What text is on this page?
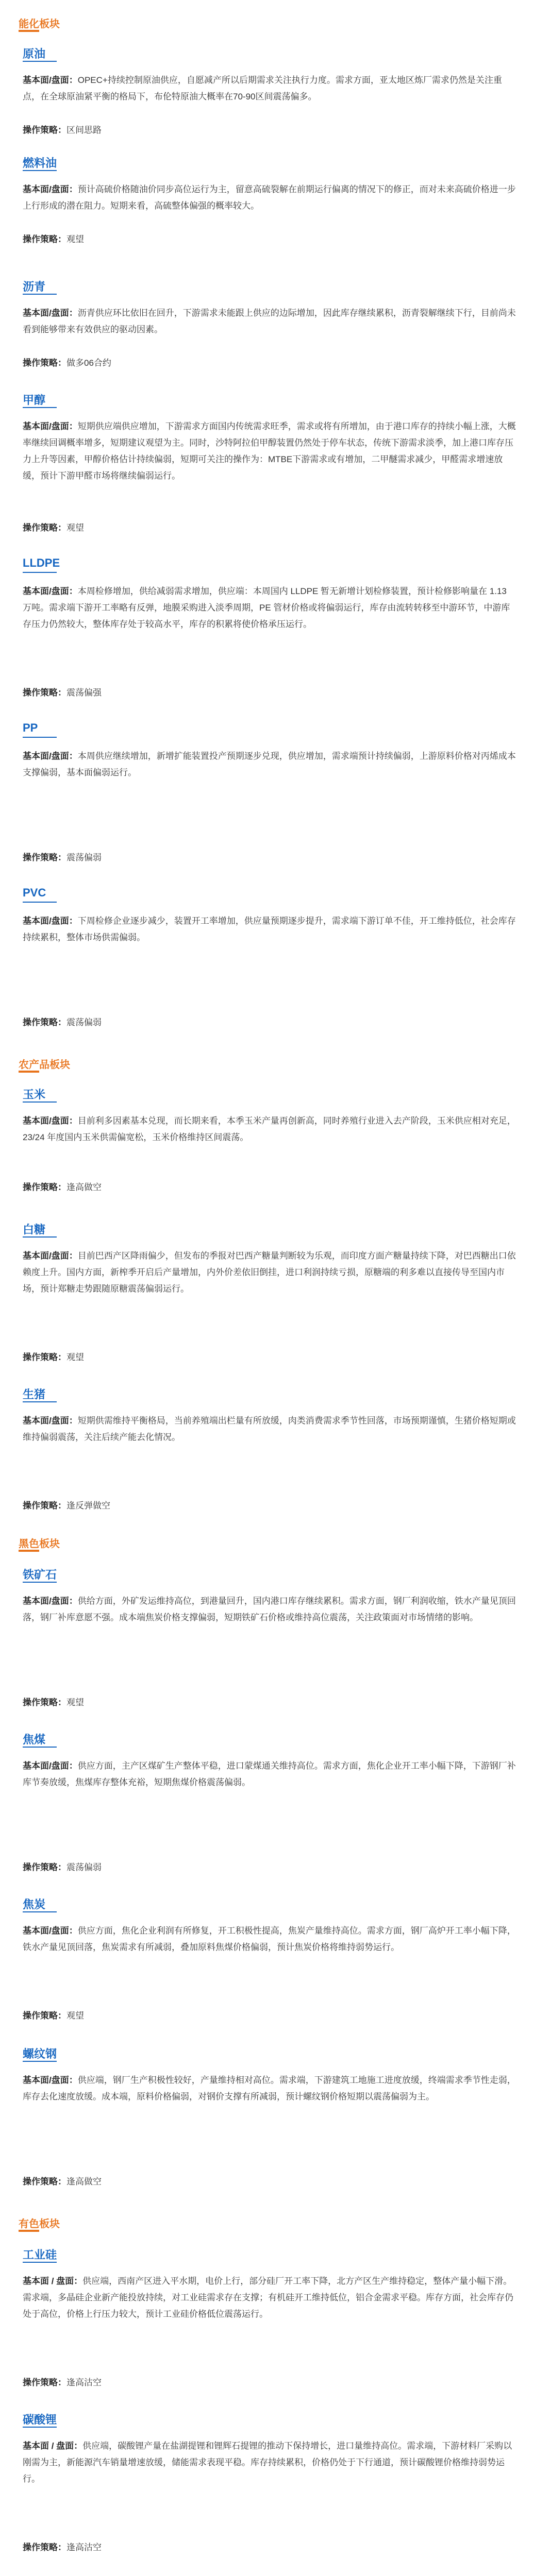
能化板块
原油

基本面/盘面：OPEC+持续控制原油供应，自愿减产所以后期需求关注执行力度。需求方面，亚太地区炼厂需求仍然是关注重点，在全球原油紧平衡的格局下，布伦特原油大概率在70-90区间震荡偏多。

操作策略：区间思路
燃料油

基本面/盘面：预计高硫价格随油价同步高位运行为主，留意高硫裂解在前期运行偏离的情况下的修正，而对未来高硫价格进一步上行形成的潜在阻力。短期来看，高硫整体偏强的概率较大。

操作策略：观望
沥青

基本面/盘面：沥青供应环比依旧在回升，下游需求未能跟上供应的边际增加，因此库存继续累积，沥青裂解继续下行，目前尚未看到能够带来有效供应的驱动因素。

操作策略：做多06合约
甲醇

基本面/盘面：短期供应端供应增加，下游需求方面国内传统需求旺季，需求或将有所增加，由于港口库存的持续小幅上涨，大概率继续回调概率增多，短期建议观望为主。同时，沙特阿拉伯甲醇装置仍然处于停车状态，传统下游需求淡季，加上港口库存压力上升等因素，甲醇价格估计持续偏弱，短期可关注的操作为：MTBE下游需求或有增加，二甲醚需求减少，甲醛需求增速放缓，预计下游甲醛市场将继续偏弱运行。

操作策略：观望
LLDPE

基本面/盘面：本周检修增加，供给减弱需求增加，供应端：本周国内 LLDPE 暂无新增计划检修装置，预计检修影响量在 1.13 万吨。需求端下游开工率略有反弹，地膜采购进入淡季周期，PE 管材价格或将偏弱运行，库存由流转转移至中游环节，中游库存压力仍然较大，整体库存处于较高水平，库存的积累将使价格承压运行。

操作策略：震荡偏强
PP

基本面/盘面：本周供应继续增加，新增扩能装置投产预期逐步兑现，供应增加，需求端预计持续偏弱，上游原料价格对丙烯成本支撑偏弱，基本面偏弱运行。

操作策略：震荡偏弱
PVC

基本面/盘面：下周检修企业逐步减少，装置开工率增加，供应量预期逐步提升，需求端下游订单不佳，开工维持低位，社会库存持续累积，整体市场供需偏弱。

操作策略：震荡偏弱
农产品板块
玉米

基本面/盘面：目前利多因素基本兑现，而长期来看，本季玉米产量再创新高，同时养殖行业进入去产阶段，玉米供应相对充足，23/24 年度国内玉米供需偏宽松，玉米价格维持区间震荡。

操作策略：逢高做空
白糖

基本面/盘面：目前巴西产区降雨偏少，但发布的季报对巴西产糖量判断较为乐观，而印度方面产糖量持续下降，对巴西糖出口依赖度上升。国内方面，新榨季开启后产量增加，内外价差依旧倒挂，进口利润持续亏损，原糖端的利多难以直接传导至国内市场，预计郑糖走势跟随原糖震荡偏弱运行。

操作策略：观望
生猪

基本面/盘面：短期供需维持平衡格局，当前养殖端出栏量有所放缓，肉类消费需求季节性回落，市场预期谨慎，生猪价格短期或维持偏弱震荡，关注后续产能去化情况。

操作策略：逢反弹做空
黑色板块
铁矿石

基本面/盘面：供给方面，外矿发运维持高位，到港量回升，国内港口库存继续累积。需求方面，钢厂利润收缩，铁水产量见顶回落，钢厂补库意愿不强。成本端焦炭价格支撑偏弱，短期铁矿石价格或维持高位震荡，关注政策面对市场情绪的影响。

操作策略：观望
焦煤

基本面/盘面：供应方面，主产区煤矿生产整体平稳，进口蒙煤通关维持高位。需求方面，焦化企业开工率小幅下降，下游钢厂补库节奏放缓，焦煤库存整体充裕，短期焦煤价格震荡偏弱。

操作策略：震荡偏弱
焦炭

基本面/盘面：供应方面，焦化企业利润有所修复，开工积极性提高，焦炭产量维持高位。需求方面，钢厂高炉开工率小幅下降，铁水产量见顶回落，焦炭需求有所减弱，叠加原料焦煤价格偏弱，预计焦炭价格将维持弱势运行。

操作策略：观望
螺纹钢

基本面/盘面：供应端，钢厂生产积极性较好，产量维持相对高位。需求端，下游建筑工地施工进度放缓，终端需求季节性走弱，库存去化速度放缓。成本端，原料价格偏弱，对钢价支撑有所减弱，预计螺纹钢价格短期以震荡偏弱为主。

操作策略：逢高做空
有色板块
工业硅

基本面 / 盘面：供应端，西南产区进入平水期，电价上行，部分硅厂开工率下降，北方产区生产维持稳定，整体产量小幅下滑。需求端，多晶硅企业新产能投放持续，对工业硅需求存在支撑；有机硅开工维持低位，铝合金需求平稳。库存方面，社会库存仍处于高位，价格上行压力较大，预计工业硅价格低位震荡运行。

操作策略：逢高沽空
碳酸锂

基本面 / 盘面：供应端，碳酸锂产量在盐湖提锂和锂辉石提锂的推动下保持增长，进口量维持高位。需求端，下游材料厂采购以刚需为主，新能源汽车销量增速放缓，储能需求表现平稳。库存持续累积，价格仍处于下行通道，预计碳酸锂价格维持弱势运行。

操作策略：逢高沽空
